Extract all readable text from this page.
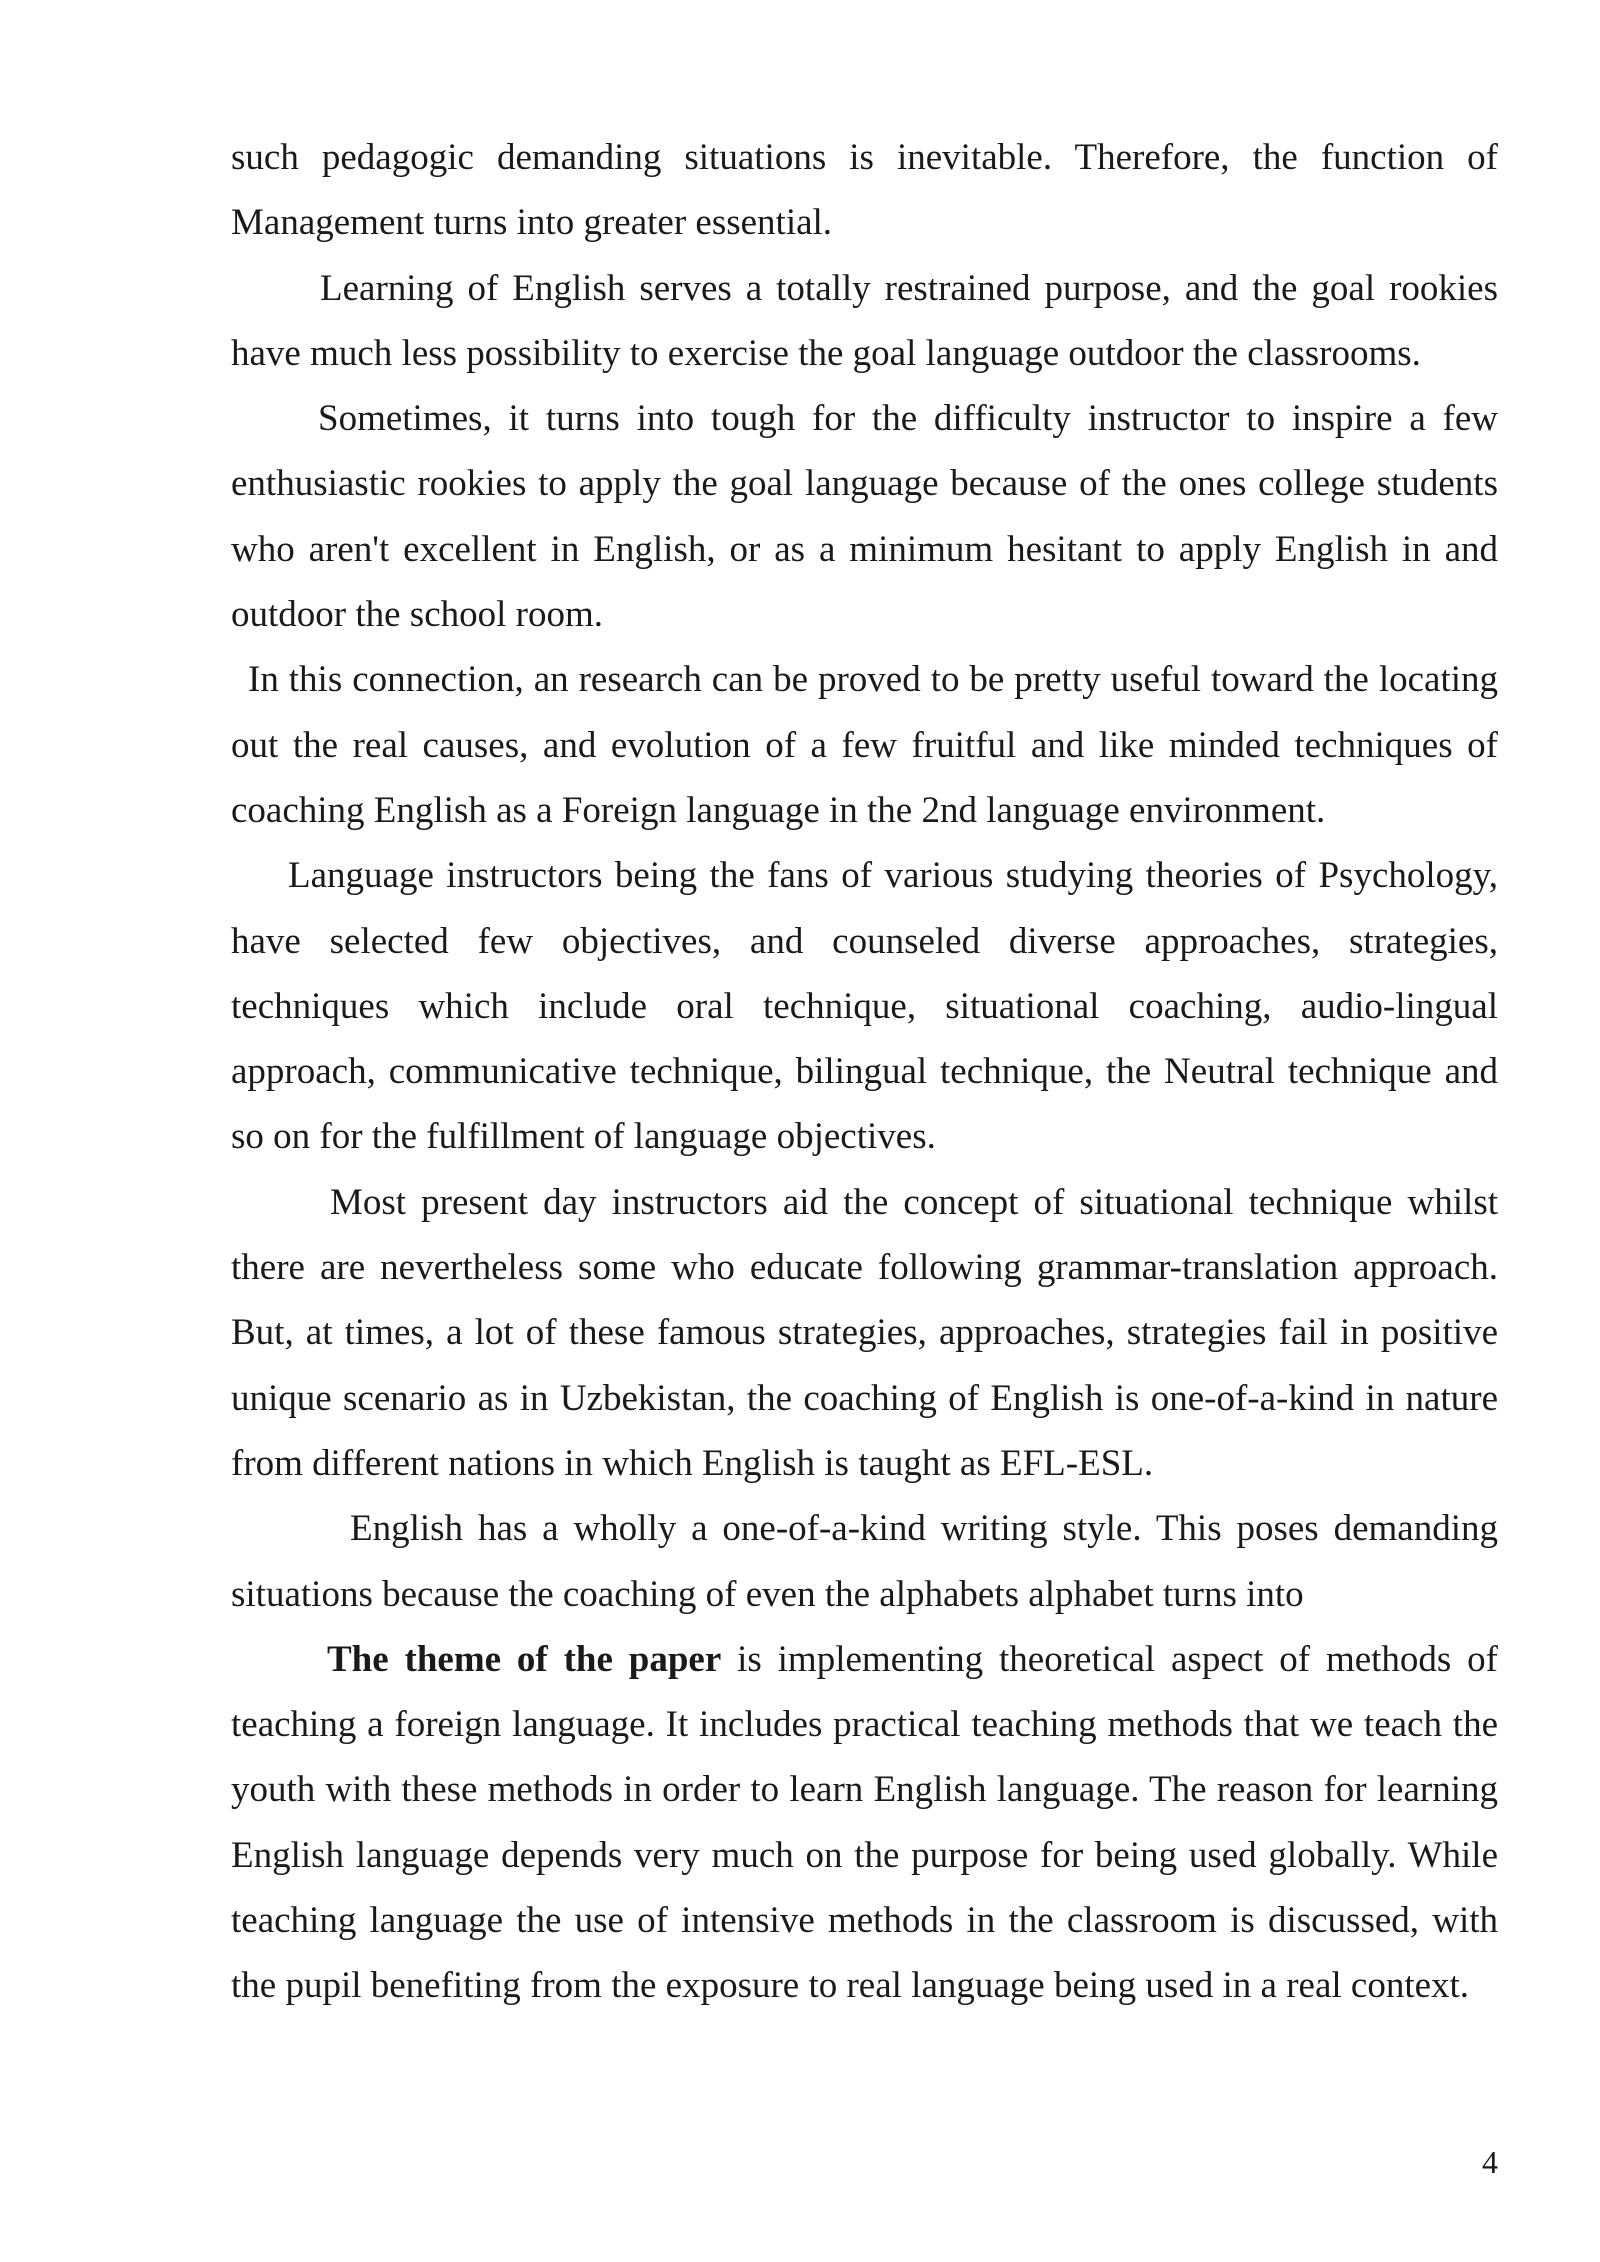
such pedagogic demanding situations is inevitable. Therefore, the function of Management turns into greater essential.

Learning of English serves a totally restrained purpose, and the goal rookies have much less possibility to exercise the goal language outdoor the classrooms.

Sometimes, it turns into tough for the difficulty instructor to inspire a few enthusiastic rookies to apply the goal language because of the ones college students who aren't excellent in English, or as a minimum hesitant to apply English in and outdoor the school room.

In this connection, an research can be proved to be pretty useful toward the locating out the real causes, and evolution of a few fruitful and like minded techniques of coaching English as a Foreign language in the 2nd language environment.

Language instructors being the fans of various studying theories of Psychology, have selected few objectives, and counseled diverse approaches, strategies, techniques which include oral technique, situational coaching, audio-lingual approach, communicative technique, bilingual technique, the Neutral technique and so on for the fulfillment of language objectives.

Most present day instructors aid the concept of situational technique whilst there are nevertheless some who educate following grammar-translation approach. But, at times, a lot of these famous strategies, approaches, strategies fail in positive unique scenario as in Uzbekistan, the coaching of English is one-of-a-kind in nature from different nations in which English is taught as EFL-ESL.

English has a wholly a one-of-a-kind writing style. This poses demanding situations because the coaching of even the alphabets alphabet turns into

The theme of the paper is implementing theoretical aspect of methods of teaching a foreign language. It includes practical teaching methods that we teach the youth with these methods in order to learn English language. The reason for learning English language depends very much on the purpose for being used globally. While teaching language the use of intensive methods in the classroom is discussed, with the pupil benefiting from the exposure to real language being used in a real context.

4
